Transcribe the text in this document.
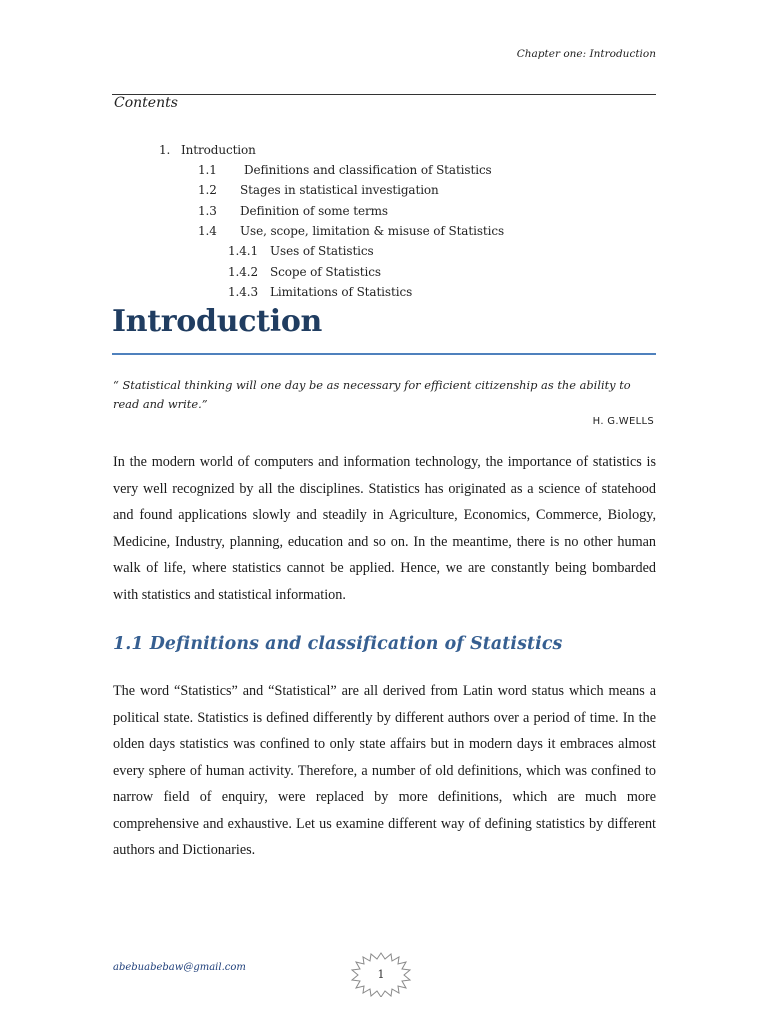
Chapter one: Introduction
Contents
1. Introduction
1.1 Definitions and classification of Statistics
1.2 Stages in statistical investigation
1.3 Definition of some terms
1.4 Use, scope, limitation & misuse of Statistics
1.4.1 Uses of Statistics
1.4.2 Scope of Statistics
1.4.3 Limitations of Statistics
Introduction
“ Statistical thinking will one day be as necessary for efficient citizenship as the ability to read and write.”
H. G.WELLS
In the modern world of computers and information technology, the importance of statistics is very well recognized by all the disciplines. Statistics has originated as a science of statehood and found applications slowly and steadily in Agriculture, Economics, Commerce, Biology, Medicine, Industry, planning, education and so on. In the meantime, there is no other human walk of life, where statistics cannot be applied. Hence, we are constantly being bombarded with statistics and statistical information.
1.1 Definitions and classification of Statistics
The word “Statistics” and “Statistical” are all derived from Latin word status which means a political state. Statistics is defined differently by different authors over a period of time. In the olden days statistics was confined to only state affairs but in modern days it embraces almost every sphere of human activity. Therefore, a number of old definitions, which was confined to narrow field of enquiry, were replaced by more definitions, which are much more comprehensive and exhaustive. Let us examine different way of defining statistics by different authors and Dictionaries.
abebuabebaw@gmail.com
1
